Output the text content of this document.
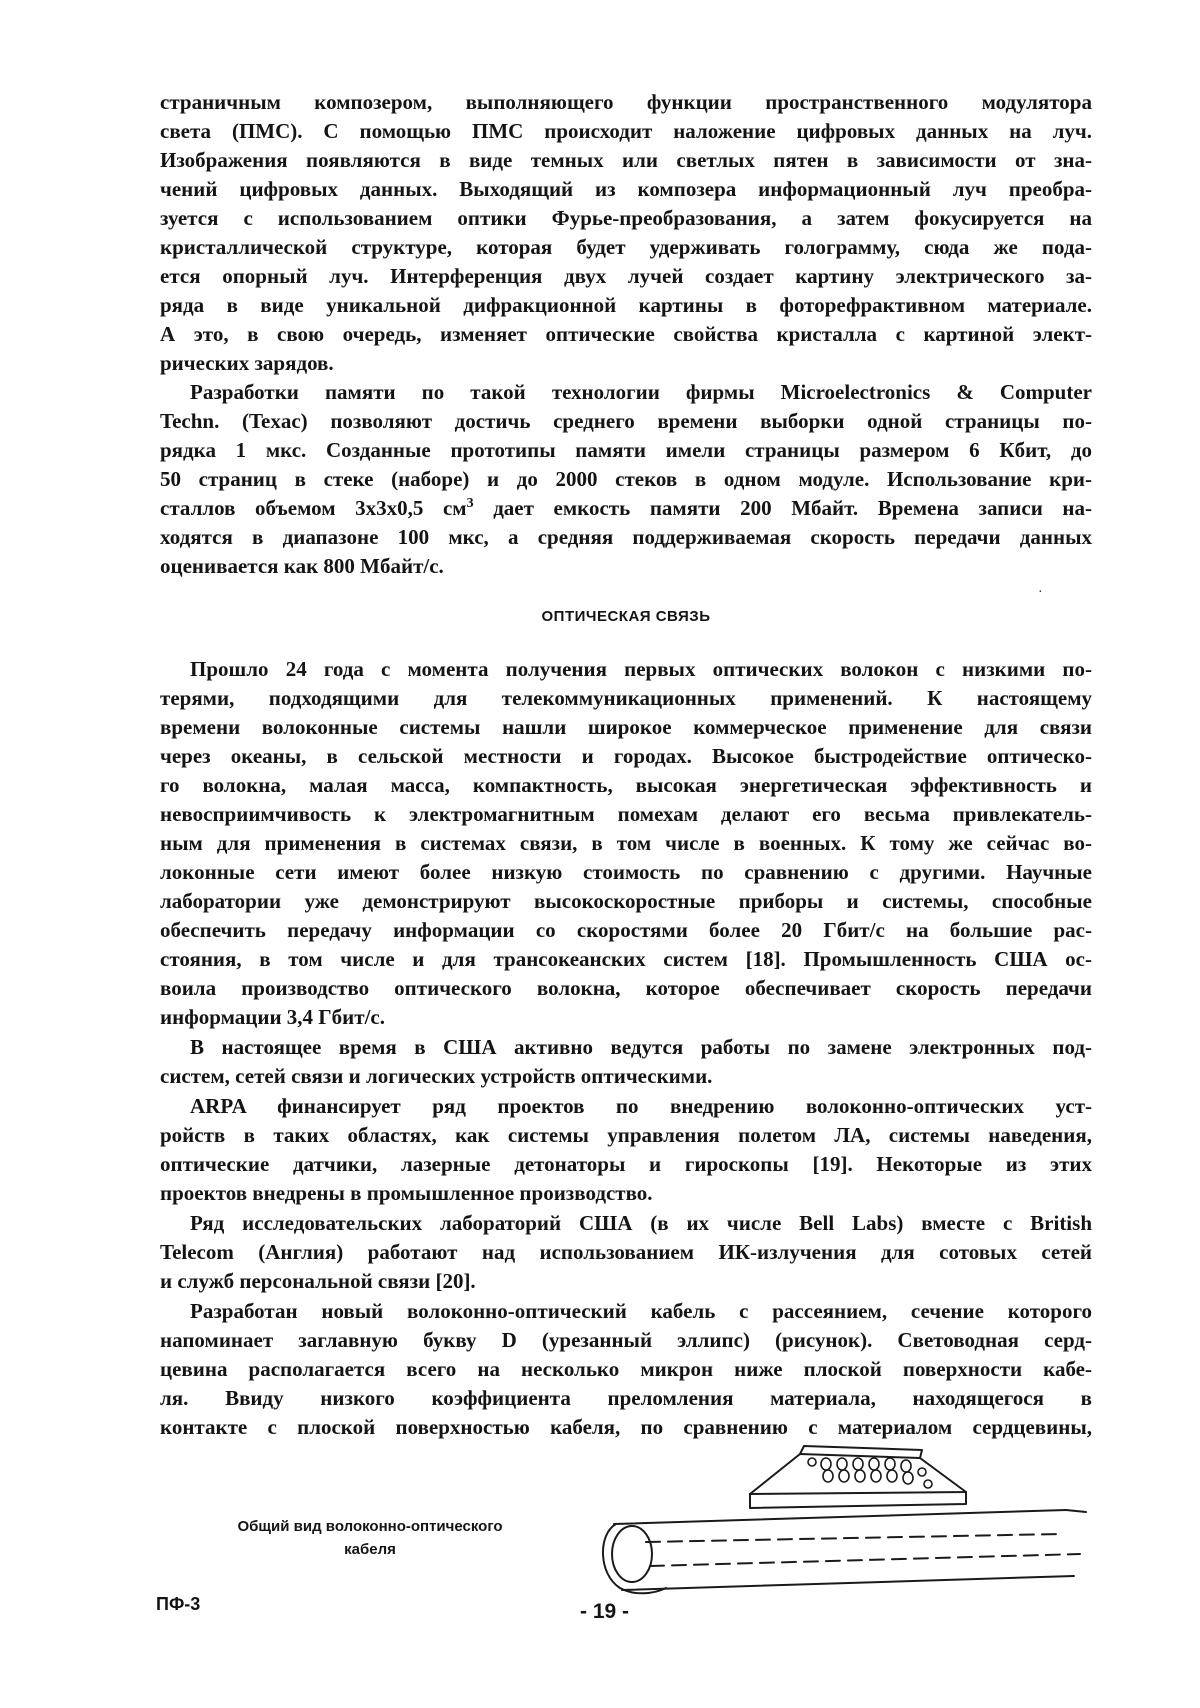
страничным композером, выполняющего функции пространственного модулятора
света (ПМС). С помощью ПМС происходит наложение цифровых данных на луч.
Изображения появляются в виде темных или светлых пятен в зависимости от зна-
чений цифровых данных. Выходящий из композера информационный луч преобра-
зуется с использованием оптики Фурье-преобразования, а затем фокусируется на
кристаллической структуре, которая будет удерживать голограмму, сюда же пода-
ется опорный луч. Интерференция двух лучей создает картину электрического за-
ряда в виде уникальной дифракционной картины в фоторефрактивном материале.
А это, в свою очередь, изменяет оптические свойства кристалла с картиной элект-
рических зарядов.
Разработки памяти по такой технологии фирмы Microelectronics & Computer
Techn. (Texac) позволяют достичь среднего времени выборки одной страницы по-
рядка 1 мкс. Созданные прототипы памяти имели страницы размером 6 Кбит, до
50 страниц в стеке (наборе) и до 2000 стеков в одном модуле. Использование кри-
сталлов объемом 3х3х0,5 $см^3$ дает емкость памяти 200 Мбайт. Времена записи на-
ходятся в диапазоне 100 мкс, а средняя поддерживаемая скорость передачи данных
оценивается как 800 Мбайт/с.
·
ОПТИЧЕСКАЯ СВЯЗЬ
Прошло 24 года с момента получения первых оптических волокон с низкими по-
терями, подходящими для телекоммуникационных применений. К настоящему
времени волоконные системы нашли широкое коммерческое применение для связи
через океаны, в сельской местности и городах. Высокое быстродействие оптическо-
го волокна, малая масса, компактность, высокая энергетическая эффективность и
невосприимчивость к электромагнитным помехам делают его весьма привлекатель-
ным для применения в системах связи, в том числе в военных. К тому же сейчас во-
локонные сети имеют более низкую стоимость по сравнению с другими. Научные
лаборатории уже демонстрируют высокоскоростные приборы и системы, способные
обеспечить передачу информации со скоростями более 20 Гбит/с на большие рас-
стояния, в том числе и для трансокеанских систем [18]. Промышленность США ос-
воила производство оптического волокна, которое обеспечивает скорость передачи
информации 3,4 Гбит/с.
В настоящее время в США активно ведутся работы по замене электронных под-
систем, сетей связи и логических устройств оптическими.
ARPA финансирует ряд проектов по внедрению волоконно-оптических уст-
ройств в таких областях, как системы управления полетом ЛА, системы наведения,
оптические датчики, лазерные детонаторы и гироскопы [19]. Некоторые из этих
проектов внедрены в промышленное производство.
Ряд исследовательских лабораторий США (в их числе Bell Labs) вместе с British
Telecom (Англия) работают над использованием ИК-излучения для сотовых сетей
и служб персональной связи [20].
Разработан новый волоконно-оптический кабель с рассеянием, сечение которого
напоминает заглавную букву D (урезанный эллипс) (рисунок). Световодная серд-
цевина располагается всего на несколько микрон ниже плоской поверхности кабе-
ля. Ввиду низкого коэффициента преломления материала, находящегося в
контакте с плоской поверхностью кабеля, по сравнению с материалом сердцевины,
Общий вид волоконно-оптического
кабеля
ПФ-3	- 19 -
